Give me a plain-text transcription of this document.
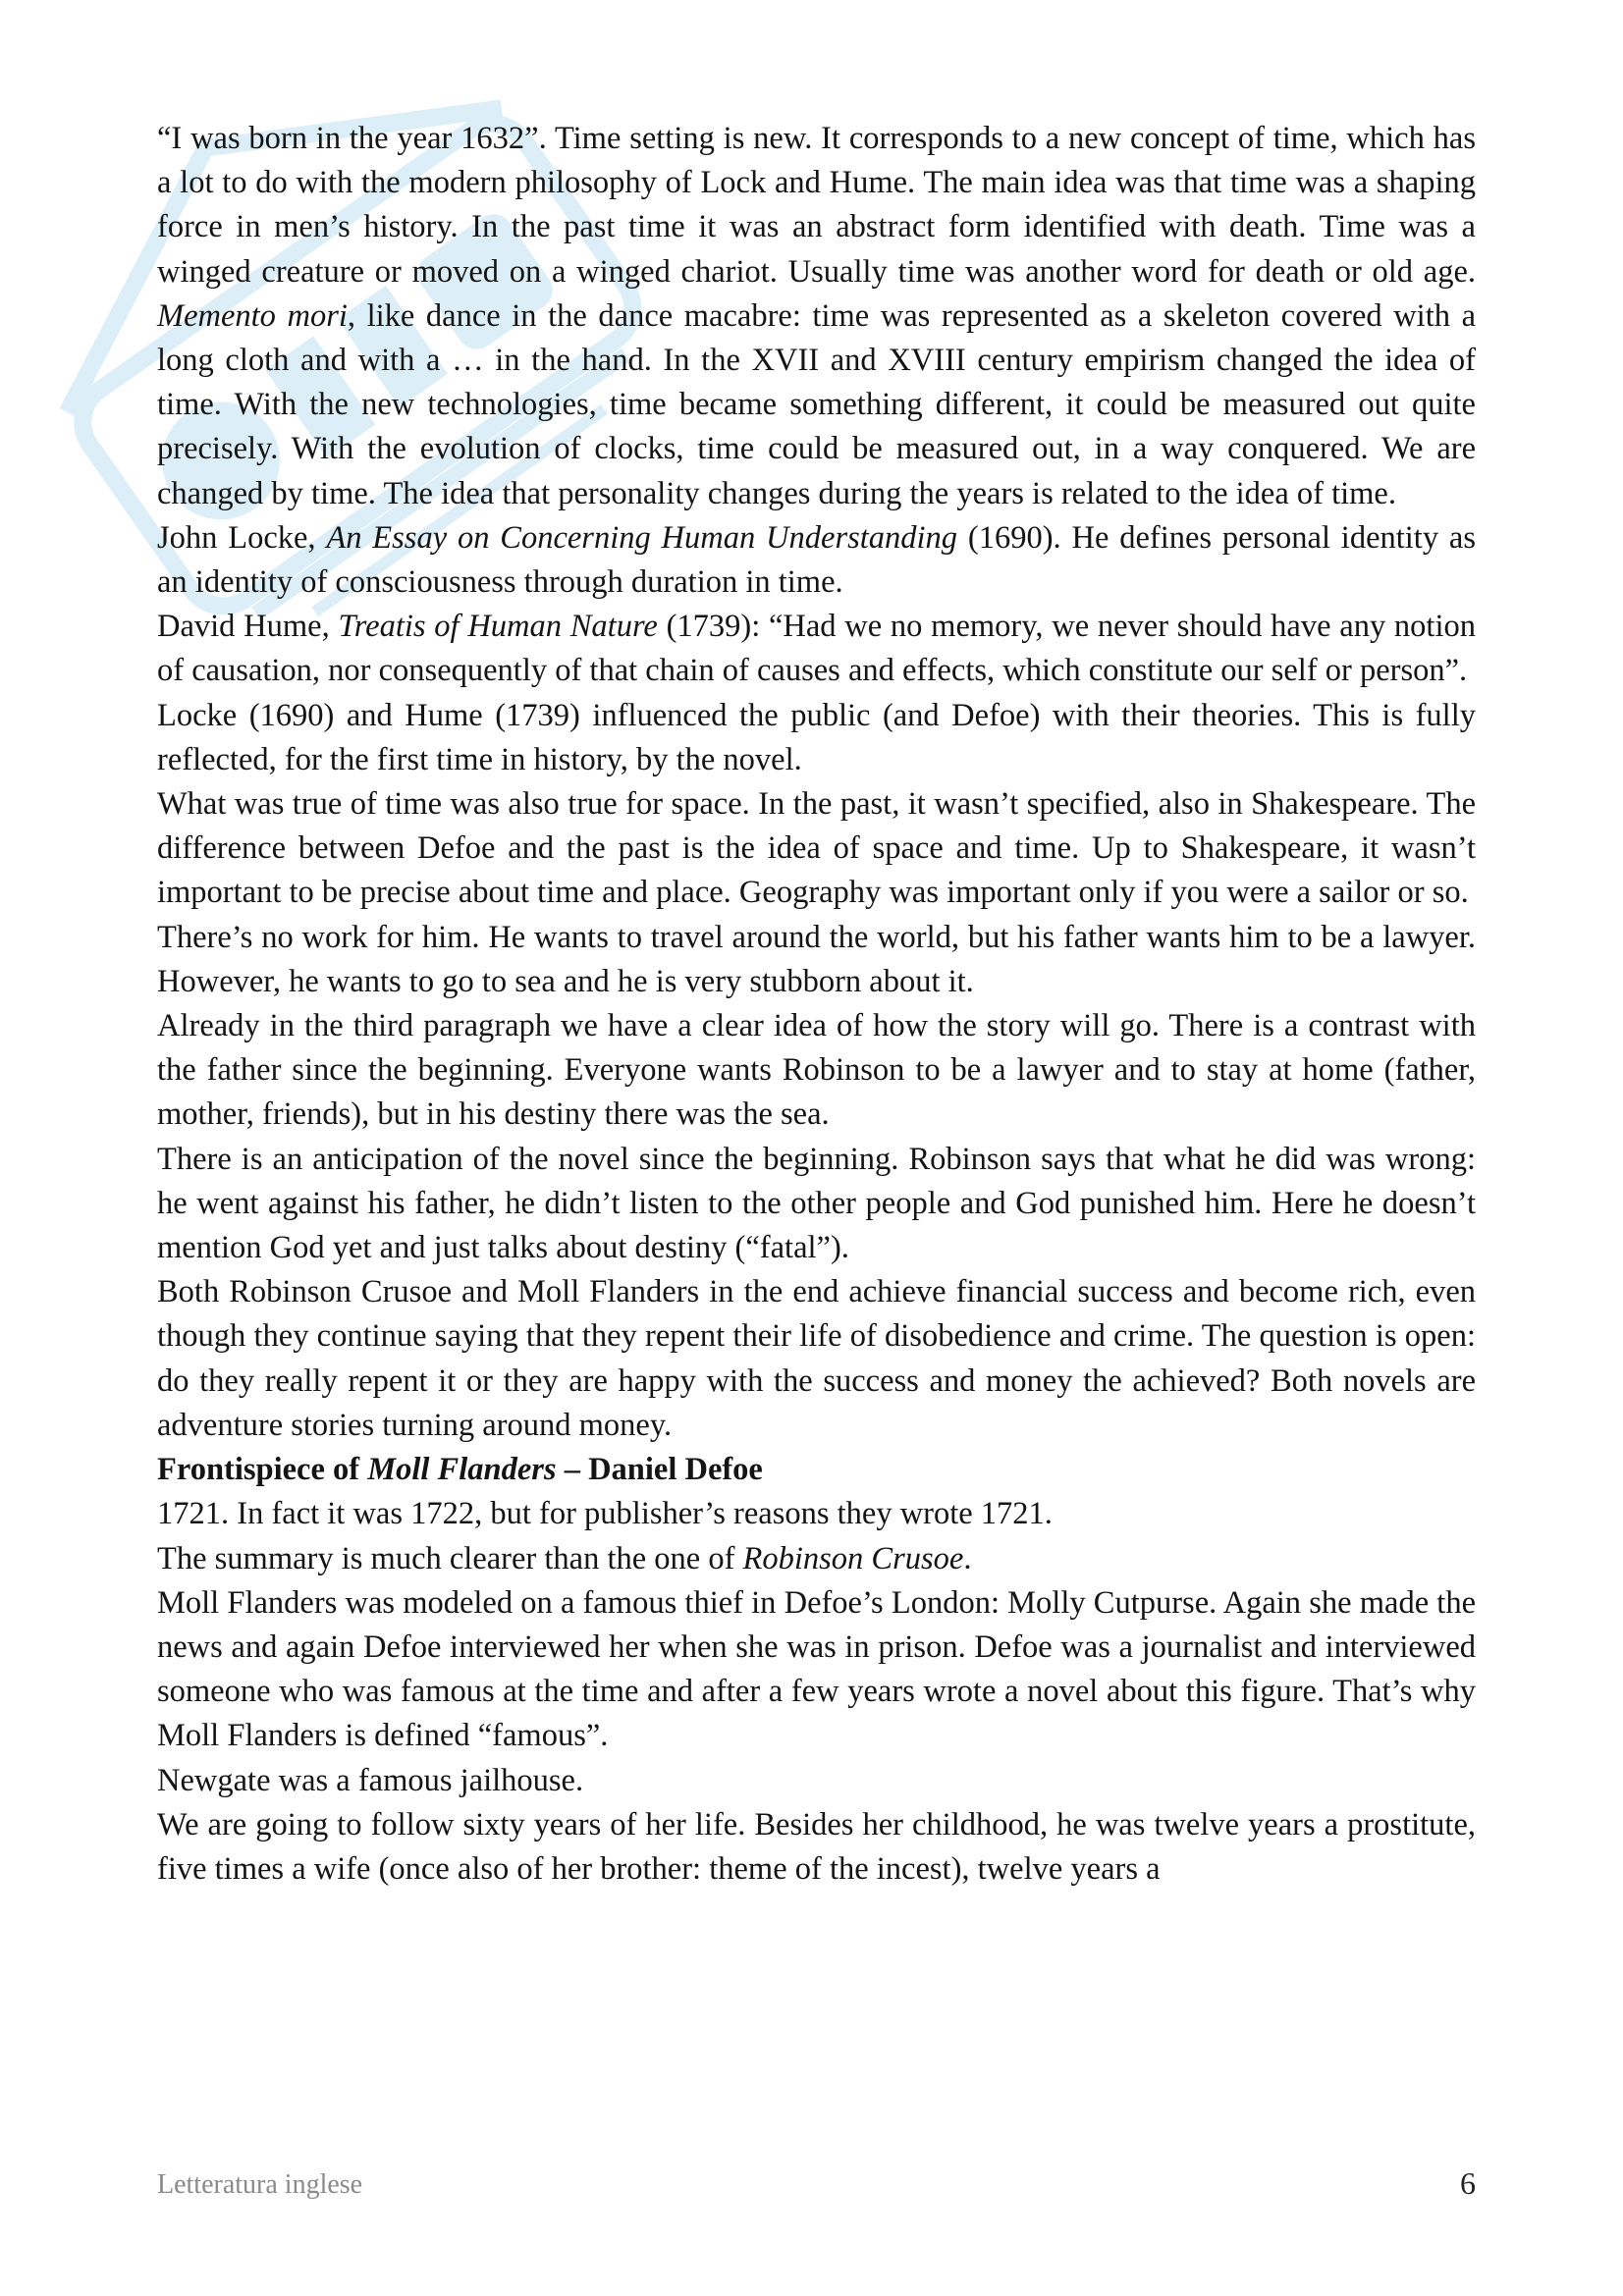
“I was born in the year 1632”. Time setting is new. It corresponds to a new concept of time, which has a lot to do with the modern philosophy of Lock and Hume. The main idea was that time was a shaping force in men’s history. In the past time it was an abstract form identified with death. Time was a winged creature or moved on a winged chariot. Usually time was another word for death or old age. Memento mori, like dance in the dance macabre: time was represented as a skeleton covered with a long cloth and with a … in the hand. In the XVII and XVIII century empirism changed the idea of time. With the new technologies, time became something different, it could be measured out quite precisely. With the evolution of clocks, time could be measured out, in a way conquered. We are changed by time. The idea that personality changes during the years is related to the idea of time.

John Locke, An Essay on Concerning Human Understanding (1690). He defines personal identity as an identity of consciousness through duration in time.

David Hume, Treatis of Human Nature (1739): “Had we no memory, we never should have any notion of causation, nor consequently of that chain of causes and effects, which constitute our self or person”.

Locke (1690) and Hume (1739) influenced the public (and Defoe) with their theories. This is fully reflected, for the first time in history, by the novel.

What was true of time was also true for space. In the past, it wasn’t specified, also in Shakespeare. The difference between Defoe and the past is the idea of space and time. Up to Shakespeare, it wasn’t important to be precise about time and place. Geography was important only if you were a sailor or so.

There’s no work for him. He wants to travel around the world, but his father wants him to be a lawyer. However, he wants to go to sea and he is very stubborn about it.

Already in the third paragraph we have a clear idea of how the story will go. There is a contrast with the father since the beginning. Everyone wants Robinson to be a lawyer and to stay at home (father, mother, friends), but in his destiny there was the sea.

There is an anticipation of the novel since the beginning. Robinson says that what he did was wrong: he went against his father, he didn’t listen to the other people and God punished him. Here he doesn’t mention God yet and just talks about destiny (“fatal”).

Both Robinson Crusoe and Moll Flanders in the end achieve financial success and become rich, even though they continue saying that they repent their life of disobedience and crime. The question is open: do they really repent it or they are happy with the success and money the achieved? Both novels are adventure stories turning around money.

Frontispiece of Moll Flanders – Daniel Defoe

1721. In fact it was 1722, but for publisher’s reasons they wrote 1721.

The summary is much clearer than the one of Robinson Crusoe.

Moll Flanders was modeled on a famous thief in Defoe’s London: Molly Cutpurse. Again she made the news and again Defoe interviewed her when she was in prison. Defoe was a journalist and interviewed someone who was famous at the time and after a few years wrote a novel about this figure. That’s why Moll Flanders is defined “famous”.

Newgate was a famous jailhouse.

We are going to follow sixty years of her life. Besides her childhood, he was twelve years a prostitute, five times a wife (once also of her brother: theme of the incest), twelve years a

Letteratura inglese	6
